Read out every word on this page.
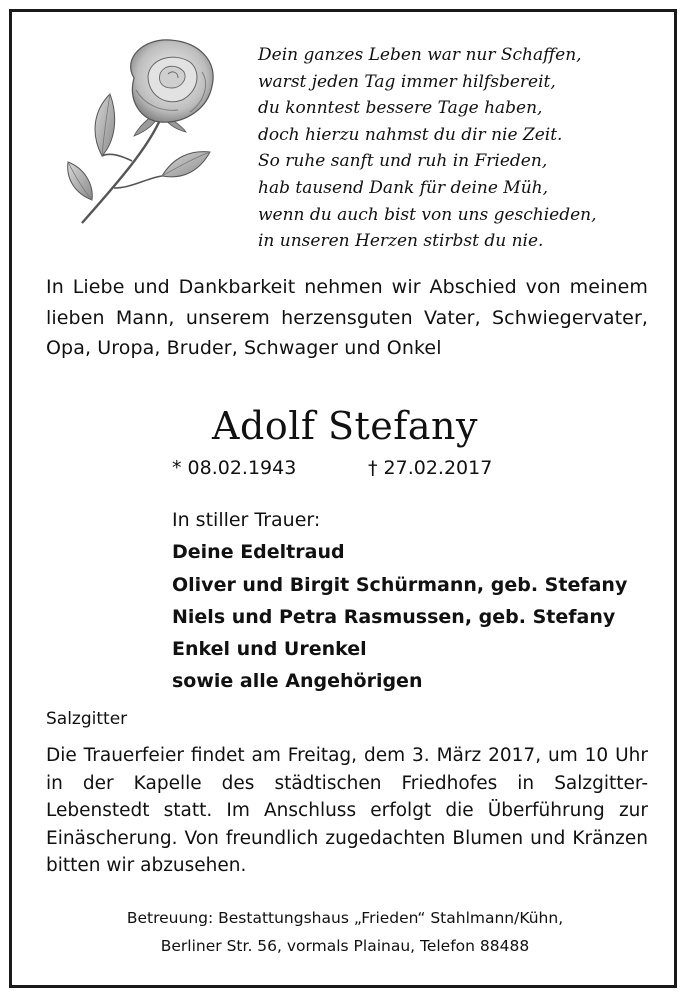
Dein ganzes Leben war nur Schaffen,
warst jeden Tag immer hilfsbereit,
du konntest bessere Tage haben,
doch hierzu nahmst du dir nie Zeit.
So ruhe sanft und ruh in Frieden,
hab tausend Dank für deine Müh,
wenn du auch bist von uns geschieden,
in unseren Herzen stirbst du nie.
In Liebe und Dankbarkeit nehmen wir Abschied von meinem lieben Mann, unserem herzensguten Vater, Schwiegervater, Opa, Uropa, Bruder, Schwager und Onkel
Adolf Stefany
* 08.02.1943	† 27.02.2017
In stiller Trauer:
Deine Edeltraud
Oliver und Birgit Schürmann, geb. Stefany
Niels und Petra Rasmussen, geb. Stefany
Enkel und Urenkel
sowie alle Angehörigen
Salzgitter
Die Trauerfeier findet am Freitag, dem 3. März 2017, um 10 Uhr in der Kapelle des städtischen Friedhofes in Salzgitter-Lebenstedt statt. Im Anschluss erfolgt die Überführung zur Einäscherung. Von freundlich zugedachten Blumen und Kränzen bitten wir abzusehen.
Betreuung: Bestattungshaus „Frieden“ Stahlmann/Kühn,
Berliner Str. 56, vormals Plainau, Telefon 88488
